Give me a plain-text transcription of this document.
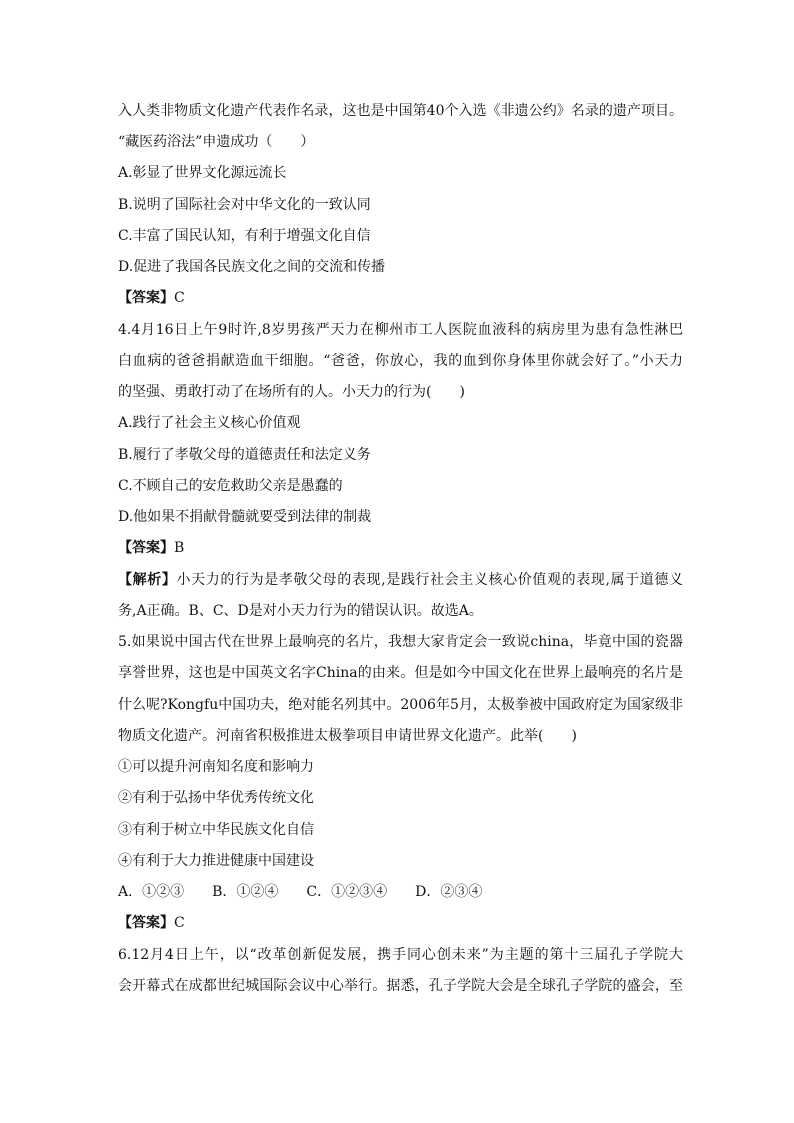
入人类非物质文化遗产代表作名录，这也是中国第40个入选《非遗公约》名录的遗产项目。
“藏医药浴法”申遗成功（　　）
A.彰显了世界文化源远流长
B.说明了国际社会对中华文化的一致认同
C.丰富了国民认知，有利于增强文化自信
D.促进了我国各民族文化之间的交流和传播
【答案】C
4.4月16日上午9时许,8岁男孩严天力在柳州市工人医院血液科的病房里为患有急性淋巴
白血病的爸爸捐献造血干细胞。“爸爸，你放心，我的血到你身体里你就会好了。”小天力
的坚强、勇敢打动了在场所有的人。小天力的行为(　　)
A.践行了社会主义核心价值观
B.履行了孝敬父母的道德责任和法定义务
C.不顾自己的安危救助父亲是愚蠢的
D.他如果不捐献骨髓就要受到法律的制裁
【答案】B
【解析】小天力的行为是孝敬父母的表现,是践行社会主义核心价值观的表现,属于道德义
务,A正确。B、C、D是对小天力行为的错误认识。故选A。
5.如果说中国古代在世界上最响亮的名片，我想大家肯定会一致说china，毕竟中国的瓷器
享誉世界，这也是中国英文名字China的由来。但是如今中国文化在世界上最响亮的名片是
什么呢?Kongfu中国功夫，绝对能名列其中。2006年5月，太极拳被中国政府定为国家级非
物质文化遗产。河南省积极推进太极拳项目申请世界文化遗产。此举(　　)
①可以提升河南知名度和影响力
②有利于弘扬中华优秀传统文化
③有利于树立中华民族文化自信
④有利于大力推进健康中国建设
A．①②③　　B．①②④　　C．①②③④　　D．②③④
【答案】C
6.12月4日上午，以“改革创新促发展，携手同心创未来”为主题的第十三届孔子学院大
会开幕式在成都世纪城国际会议中心举行。据悉，孔子学院大会是全球孔子学院的盛会，至
